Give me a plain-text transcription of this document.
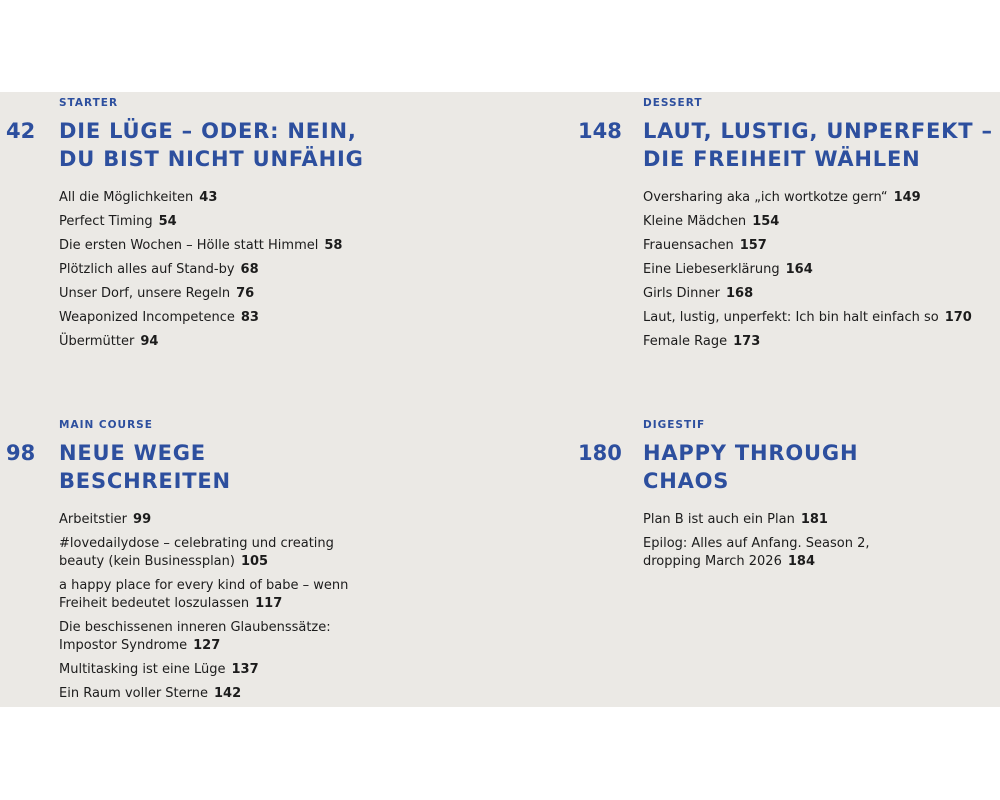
STARTER
42 DIE LÜGE – ODER: NEIN, DU BIST NICHT UNFÄHIG
All die Möglichkeiten 43
Perfect Timing 54
Die ersten Wochen – Hölle statt Himmel 58
Plötzlich alles auf Stand-by 68
Unser Dorf, unsere Regeln 76
Weaponized Incompetence 83
Übermütter 94
DESSERT
148 LAUT, LUSTIG, UNPERFEKT – DIE FREIHEIT WÄHLEN
Oversharing aka „ich wortkotze gern“ 149
Kleine Mädchen 154
Frauensachen 157
Eine Liebeserklärung 164
Girls Dinner 168
Laut, lustig, unperfekt: Ich bin halt einfach so 170
Female Rage 173
MAIN COURSE
98 NEUE WEGE BESCHREITEN
Arbeitstier 99
#lovedailydose – celebrating und creating beauty (kein Businessplan) 105
a happy place for every kind of babe – wenn Freiheit bedeutet loszulassen 117
Die beschissenen inneren Glaubenssätze: Impostor Syndrome 127
Multitasking ist eine Lüge 137
Ein Raum voller Sterne 142
DIGESTIF
180 HAPPY THROUGH CHAOS
Plan B ist auch ein Plan 181
Epilog: Alles auf Anfang. Season 2, dropping March 2026 184
